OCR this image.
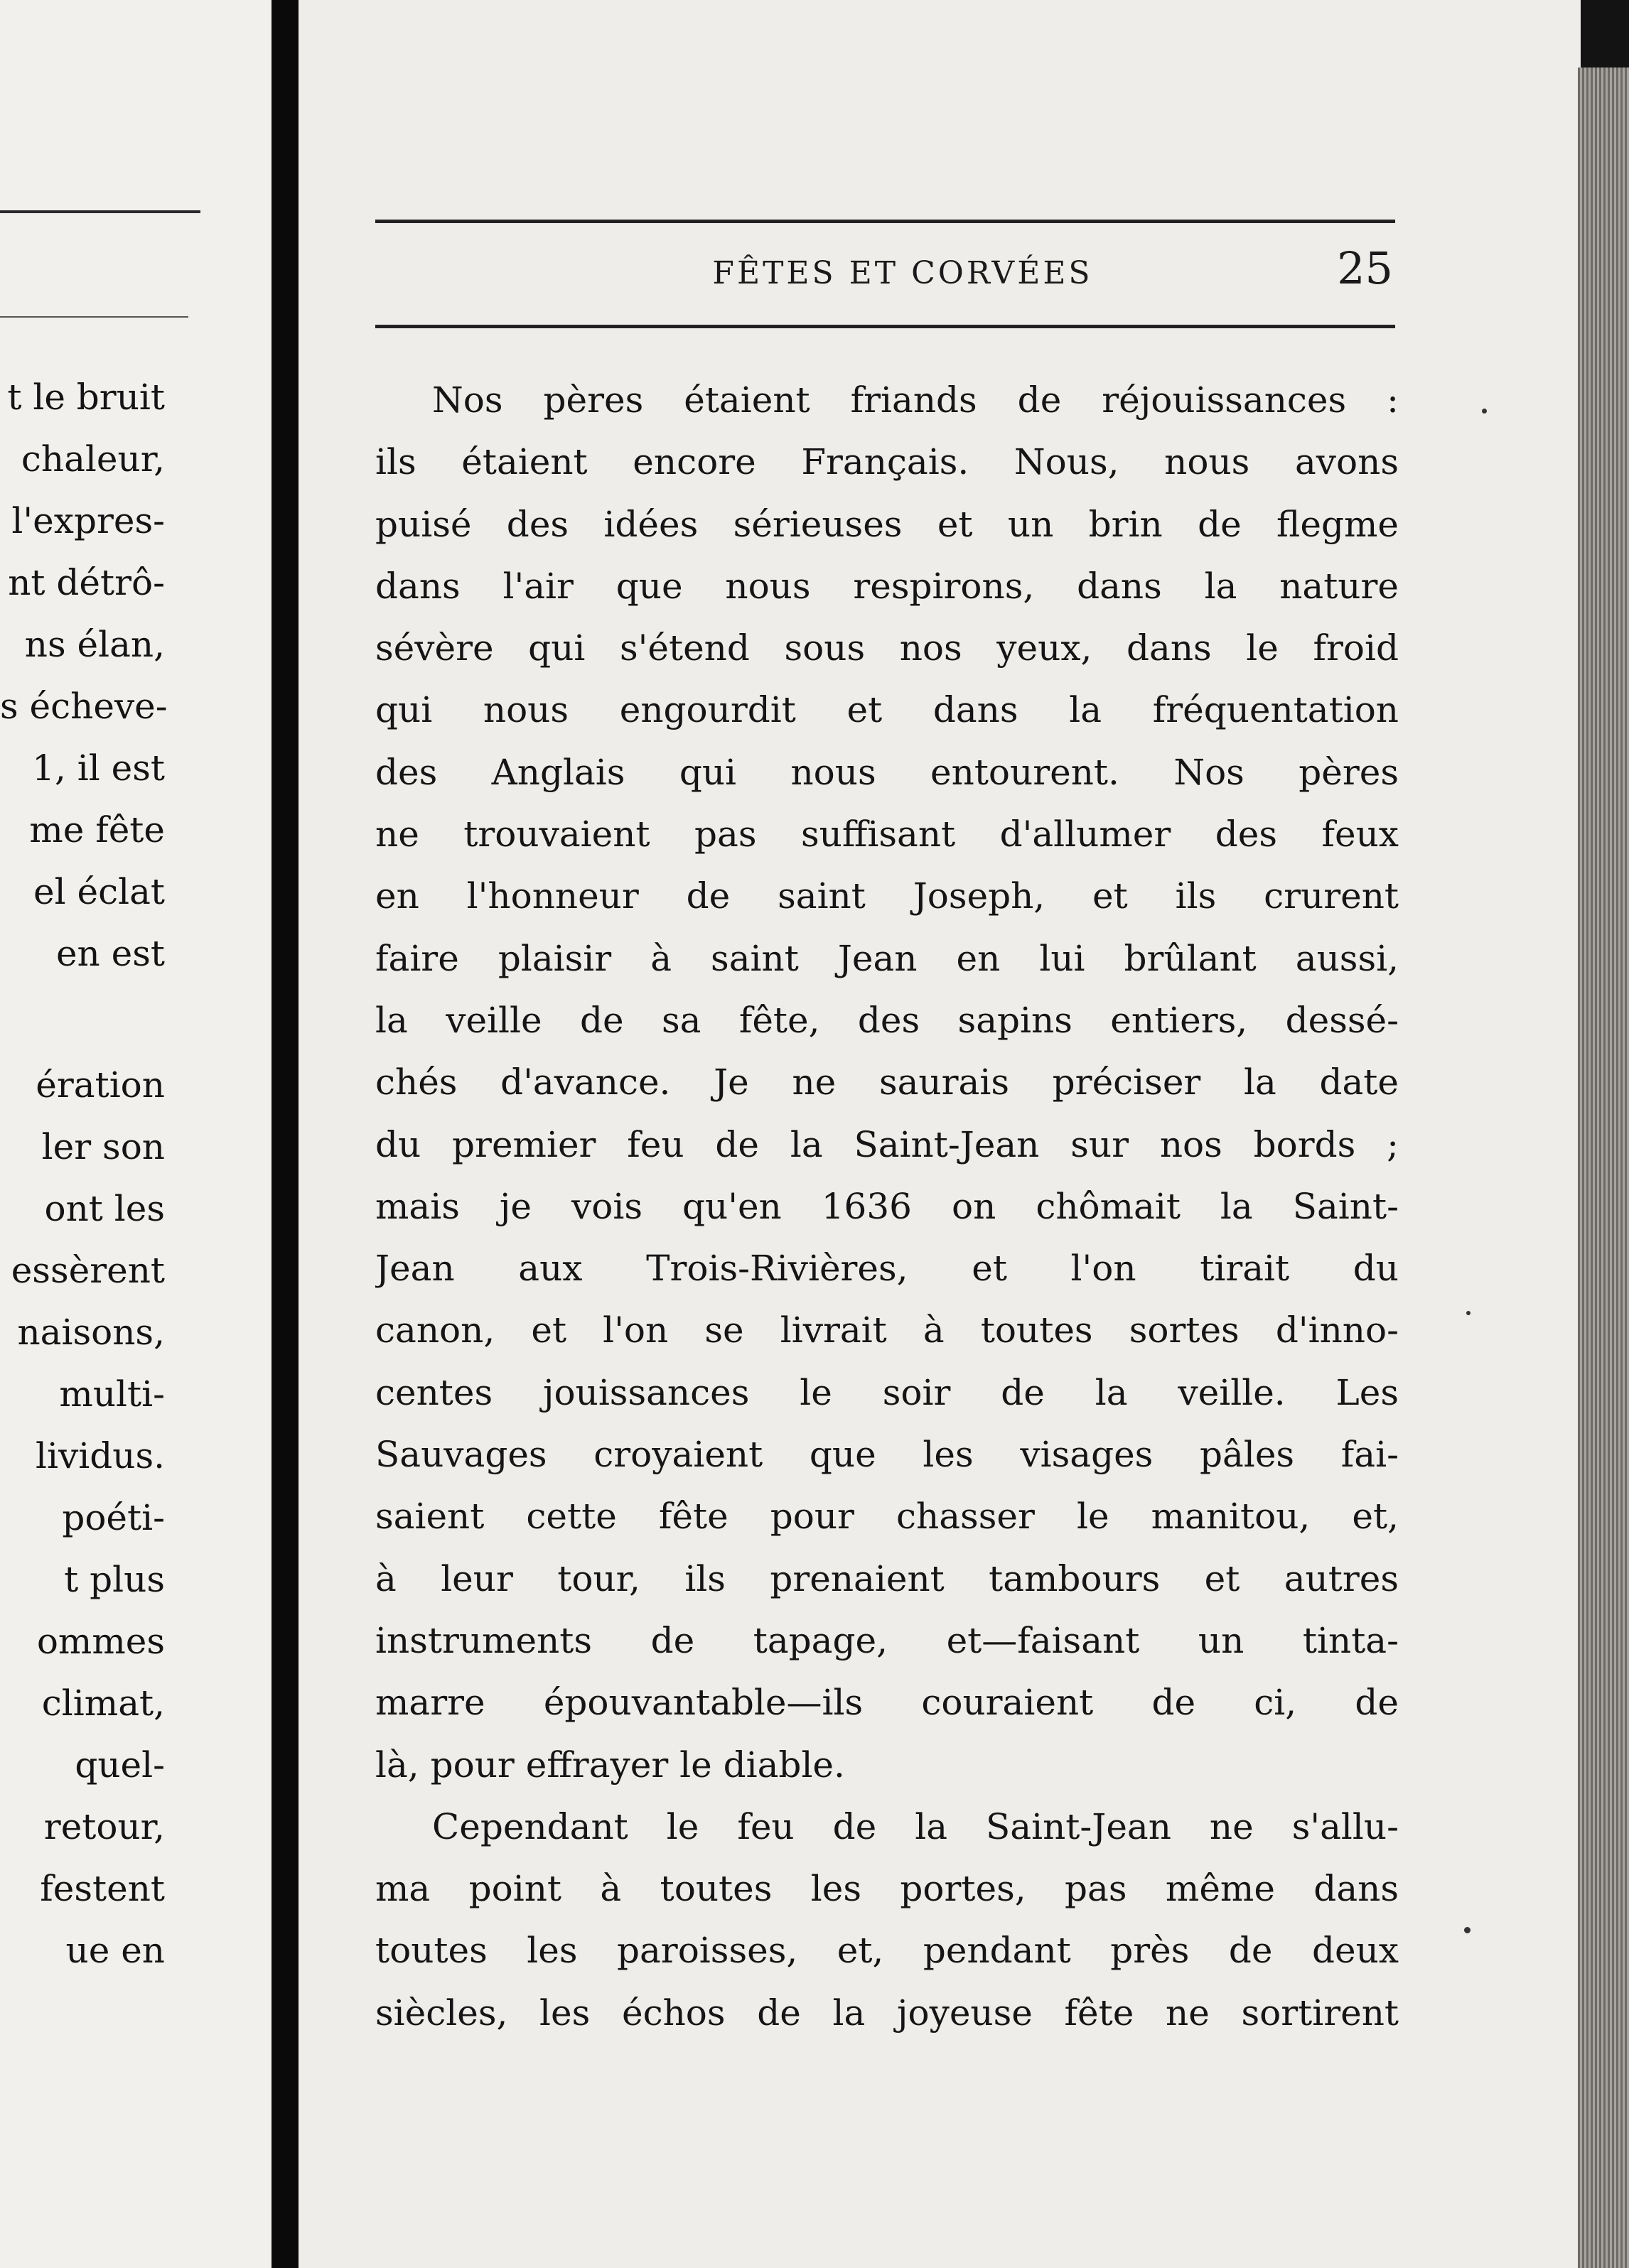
t le bruit
chaleur,
l'expres-
nt détrô-
ns élan,
s écheve-
1, il est
me fête
el éclat
en est
ération
ler son
ont les
essèrent
naisons,
multi-
lividus.
poéti-
t plus
ommes
climat,
quel-
retour,
festent
ue en
FÊTES ET CORVÉES	25
Nos pères étaient friands de réjouissances :
ils étaient encore Français. Nous, nous avons
puisé des idées sérieuses et un brin de flegme
dans l'air que nous respirons, dans la nature
sévère qui s'étend sous nos yeux, dans le froid
qui nous engourdit et dans la fréquentation
des Anglais qui nous entourent. Nos pères
ne trouvaient pas suffisant d'allumer des feux
en l'honneur de saint Joseph, et ils crurent
faire plaisir à saint Jean en lui brûlant aussi,
la veille de sa fête, des sapins entiers, dessé-
chés d'avance. Je ne saurais préciser la date
du premier feu de la Saint-Jean sur nos bords ;
mais je vois qu'en 1636 on chômait la Saint-
Jean aux Trois-Rivières, et l'on tirait du
canon, et l'on se livrait à toutes sortes d'inno-
centes jouissances le soir de la veille. Les
Sauvages croyaient que les visages pâles fai-
saient cette fête pour chasser le manitou, et,
à leur tour, ils prenaient tambours et autres
instruments de tapage, et—faisant un tinta-
marre épouvantable—ils couraient de ci, de
là, pour effrayer le diable.
Cependant le feu de la Saint-Jean ne s'allu-
ma point à toutes les portes, pas même dans
toutes les paroisses, et, pendant près de deux
siècles, les échos de la joyeuse fête ne sortirent
